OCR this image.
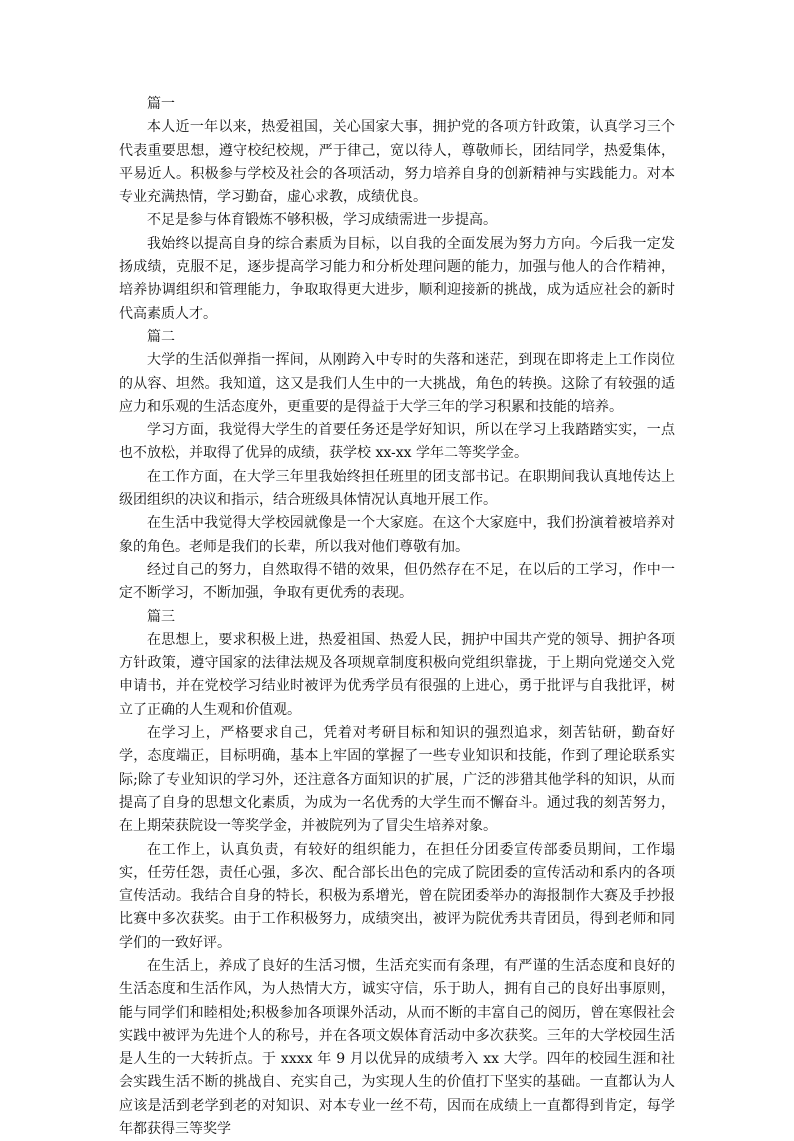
篇一

本人近一年以来，热爱祖国，关心国家大事，拥护党的各项方针政策，认真学习三个代表重要思想，遵守校纪校规，严于律己，宽以待人，尊敬师长，团结同学，热爱集体，平易近人。积极参与学校及社会的各项活动，努力培养自身的创新精神与实践能力。对本专业充满热情，学习勤奋，虚心求教，成绩优良。

不足是参与体育锻炼不够积极，学习成绩需进一步提高。

我始终以提高自身的综合素质为目标，以自我的全面发展为努力方向。今后我一定发扬成绩，克服不足，逐步提高学习能力和分析处理问题的能力，加强与他人的合作精神，培养协调组织和管理能力，争取取得更大进步，顺利迎接新的挑战，成为适应社会的新时代高素质人才。

篇二

大学的生活似弹指一挥间，从刚跨入中专时的失落和迷茫，到现在即将走上工作岗位的从容、坦然。我知道，这又是我们人生中的一大挑战，角色的转换。这除了有较强的适应力和乐观的生活态度外，更重要的是得益于大学三年的学习积累和技能的培养。

学习方面，我觉得大学生的首要任务还是学好知识，所以在学习上我踏踏实实，一点也不放松，并取得了优异的成绩，获学校 xx-xx 学年二等奖学金。

在工作方面，在大学三年里我始终担任班里的团支部书记。在职期间我认真地传达上级团组织的决议和指示，结合班级具体情况认真地开展工作。

在生活中我觉得大学校园就像是一个大家庭。在这个大家庭中，我们扮演着被培养对象的角色。老师是我们的长辈，所以我对他们尊敬有加。

经过自己的努力，自然取得不错的效果，但仍然存在不足，在以后的工学习，作中一定不断学习，不断加强，争取有更优秀的表现。

篇三

在思想上，要求积极上进，热爱祖国、热爱人民，拥护中国共产党的领导、拥护各项方针政策，遵守国家的法律法规及各项规章制度积极向党组织靠拢，于上期向党递交入党申请书，并在党校学习结业时被评为优秀学员有很强的上进心，勇于批评与自我批评，树立了正确的人生观和价值观。

在学习上，严格要求自己，凭着对考研目标和知识的强烈追求，刻苦钻研，勤奋好学，态度端正，目标明确，基本上牢固的掌握了一些专业知识和技能，作到了理论联系实际;除了专业知识的学习外，还注意各方面知识的扩展，广泛的涉猎其他学科的知识，从而提高了自身的思想文化素质，为成为一名优秀的大学生而不懈奋斗。通过我的刻苦努力，在上期荣获院设一等奖学金，并被院列为了冒尖生培养对象。

在工作上，认真负责，有较好的组织能力，在担任分团委宣传部委员期间，工作塌实，任劳任怨，责任心强，多次、配合部长出色的完成了院团委的宣传活动和系内的各项宣传活动。我结合自身的特长，积极为系增光，曾在院团委举办的海报制作大赛及手抄报比赛中多次获奖。由于工作积极努力，成绩突出，被评为院优秀共青团员，得到老师和同学们的一致好评。

在生活上，养成了良好的生活习惯，生活充实而有条理，有严谨的生活态度和良好的生活态度和生活作风，为人热情大方，诚实守信，乐于助人，拥有自己的良好出事原则，能与同学们和睦相处;积极参加各项课外活动，从而不断的丰富自己的阅历，曾在寒假社会实践中被评为先进个人的称号，并在各项文娱体育活动中多次获奖。三年的大学校园生活是人生的一大转折点。于 xxxx 年 9 月以优异的成绩考入 xx 大学。四年的校园生涯和社会实践生活不断的挑战自、充实自己，为实现人生的价值打下坚实的基础。一直都认为人应该是活到老学到老的对知识、对本专业一丝不苟，因而在成绩上一直都得到肯定，每学年都获得三等奖学
